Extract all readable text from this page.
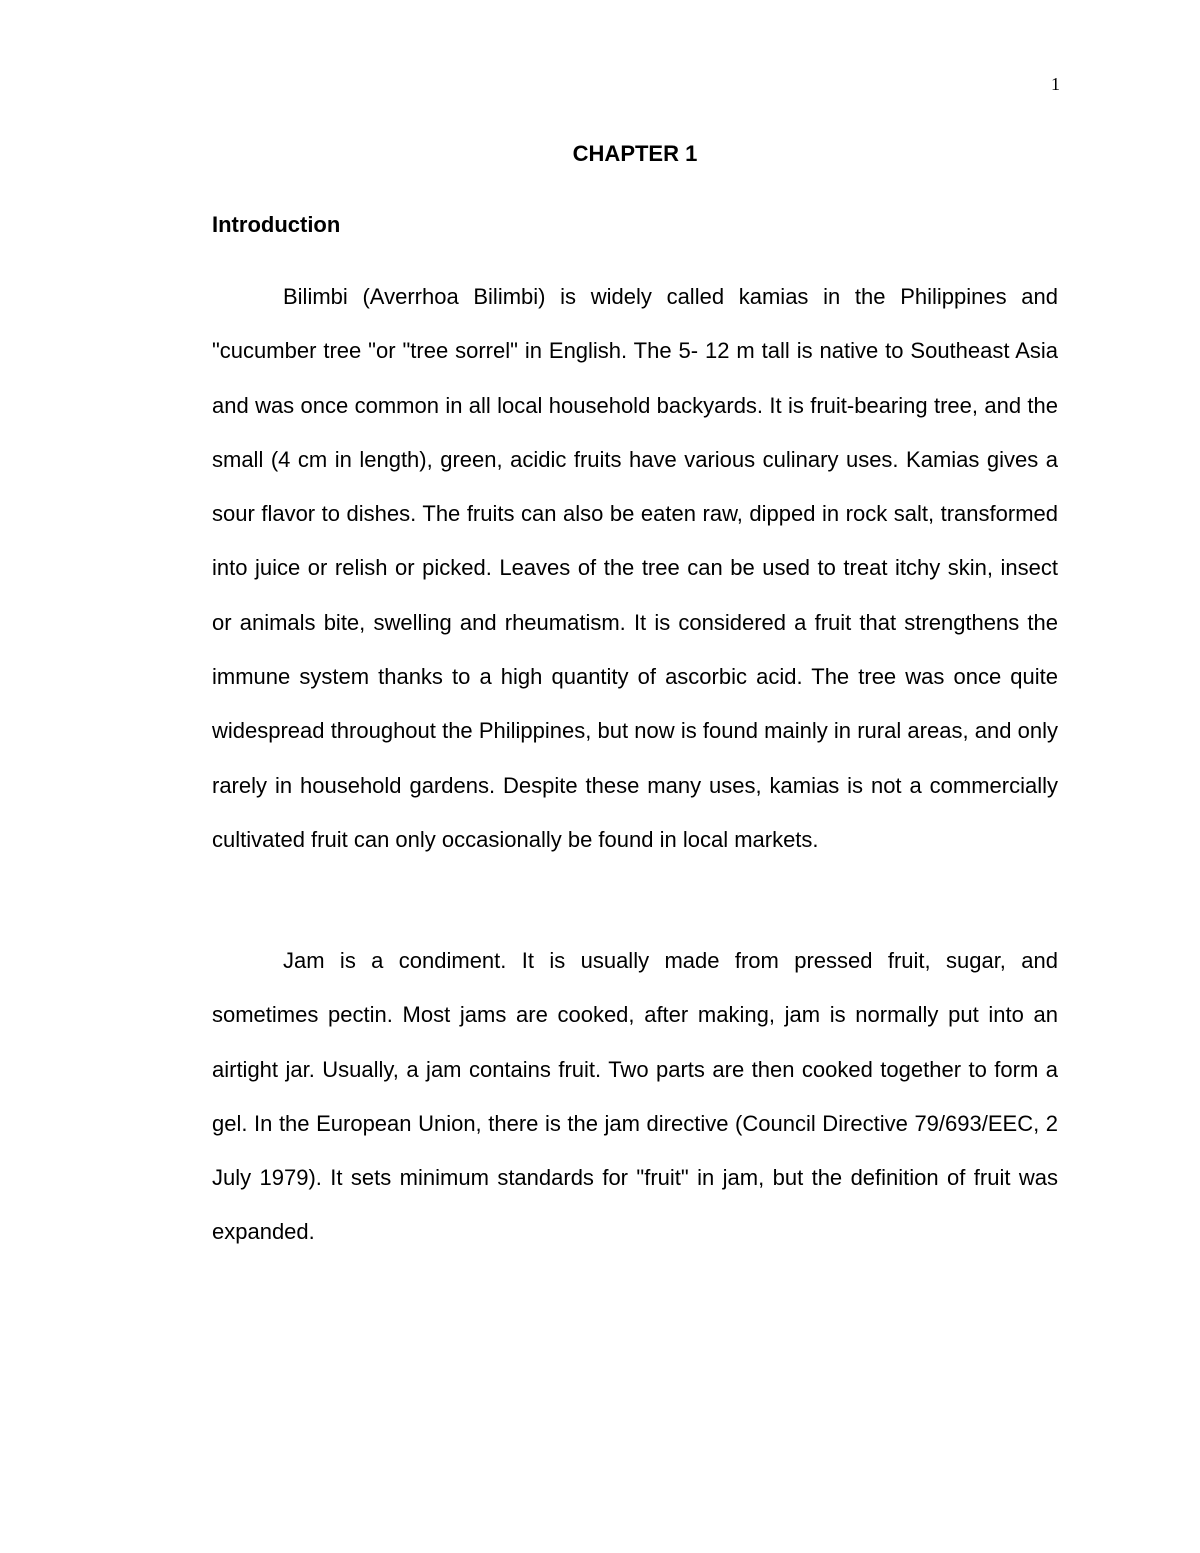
1
CHAPTER 1
Introduction

Bilimbi (Averrhoa Bilimbi) is widely called kamias in the Philippines and "cucumber tree "or "tree sorrel" in English. The 5- 12 m tall is native to Southeast Asia and was once common in all local household backyards. It is fruit-bearing tree, and the small (4 cm in length), green, acidic fruits have various culinary uses. Kamias gives a sour flavor to dishes. The fruits can also be eaten raw, dipped in rock salt, transformed into juice or relish or picked. Leaves of the tree can be used to treat itchy skin, insect or animals bite, swelling and rheumatism. It is considered a fruit that strengthens the immune system thanks to a high quantity of ascorbic acid. The tree was once quite widespread throughout the Philippines, but now is found mainly in rural areas, and only rarely in household gardens. Despite these many uses, kamias is not a commercially cultivated fruit can only occasionally be found in local markets.

Jam is a condiment. It is usually made from pressed fruit, sugar, and sometimes pectin. Most jams are cooked, after making, jam is normally put into an airtight jar. Usually, a jam contains fruit. Two parts are then cooked together to form a gel. In the European Union, there is the jam directive (Council Directive 79/693/EEC, 2 July 1979). It sets minimum standards for "fruit" in jam, but the definition of fruit was expanded.
